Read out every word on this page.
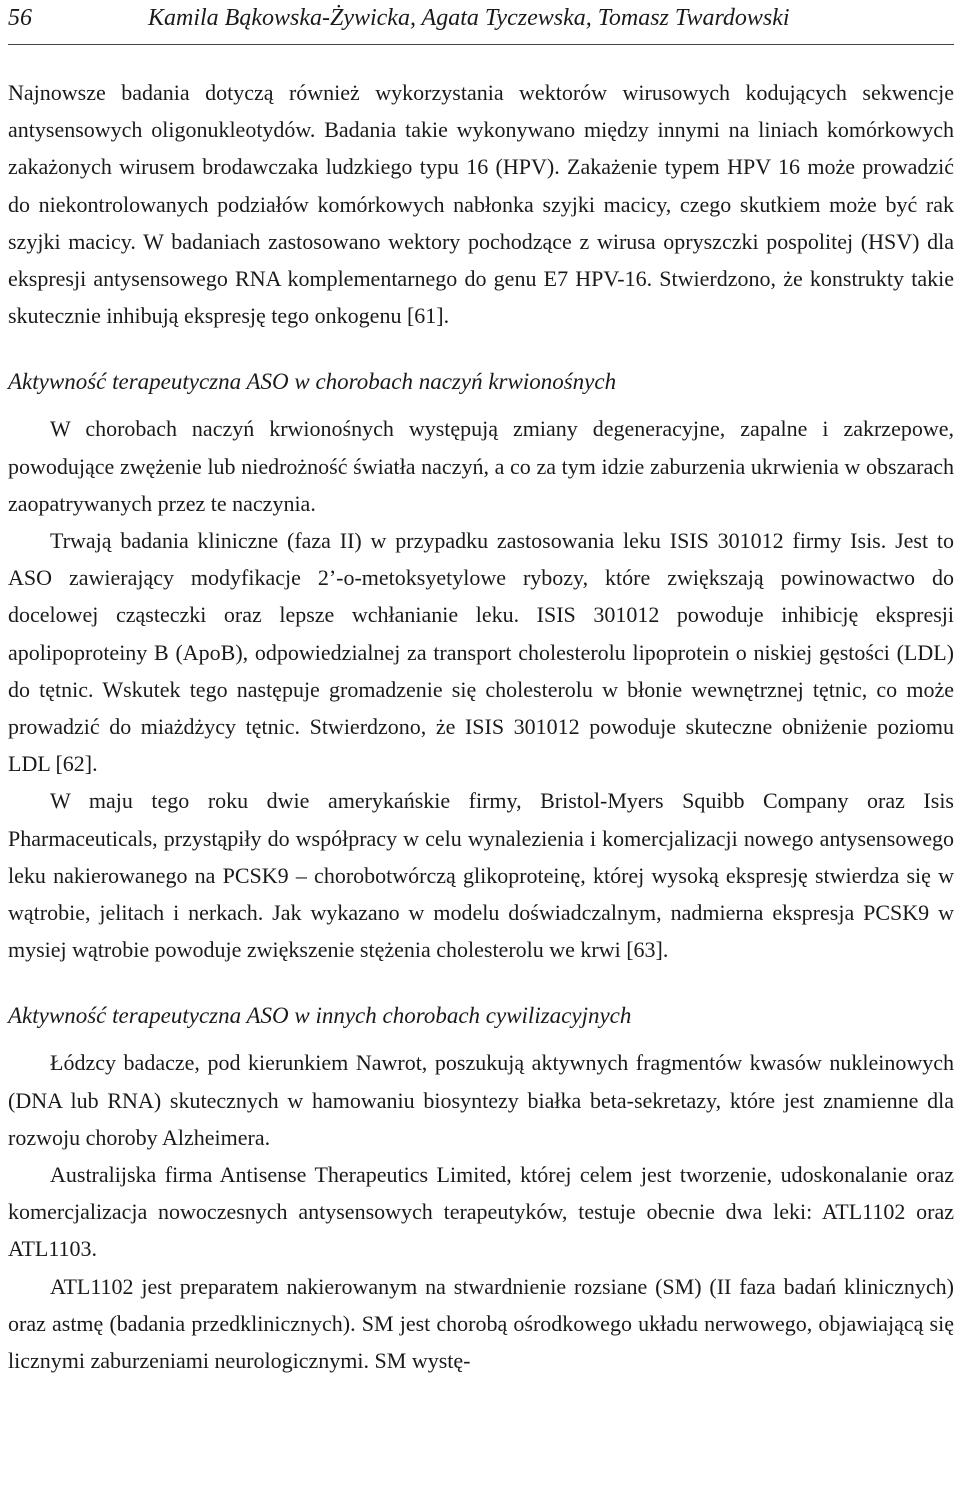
56	Kamila Bąkowska-Żywicka, Agata Tyczewska, Tomasz Twardowski

Najnowsze badania dotyczą również wykorzystania wektorów wirusowych kodujących sekwencje antysensowych oligonukleotydów. Badania takie wykonywano między innymi na liniach komórkowych zakażonych wirusem brodawczaka ludzkiego typu 16 (HPV). Zakażenie typem HPV 16 może prowadzić do niekontrolowanych podziałów komórkowych nabłonka szyjki macicy, czego skutkiem może być rak szyjki macicy. W badaniach zastosowano wektory pochodzące z wirusa opryszczki pospolitej (HSV) dla ekspresji antysensowego RNA komplementarnego do genu E7 HPV-16. Stwierdzono, że konstrukty takie skutecznie inhibują ekspresję tego onkogenu [61].

Aktywność terapeutyczna ASO w chorobach naczyń krwionośnych

W chorobach naczyń krwionośnych występują zmiany degeneracyjne, zapalne i zakrzepowe, powodujące zwężenie lub niedrożność światła naczyń, a co za tym idzie zaburzenia ukrwienia w obszarach zaopatrywanych przez te naczynia.

Trwają badania kliniczne (faza II) w przypadku zastosowania leku ISIS 301012 firmy Isis. Jest to ASO zawierający modyfikacje 2’-o-metoksyetylowe rybozy, które zwiększają powinowactwo do docelowej cząsteczki oraz lepsze wchłanianie leku. ISIS 301012 powoduje inhibicję ekspresji apolipoproteiny B (ApoB), odpowiedzialnej za transport cholesterolu lipoprotein o niskiej gęstości (LDL) do tętnic. Wskutek tego następuje gromadzenie się cholesterolu w błonie wewnętrznej tętnic, co może prowadzić do miażdżycy tętnic. Stwierdzono, że ISIS 301012 powoduje skuteczne obniżenie poziomu LDL [62].

W maju tego roku dwie amerykańskie firmy, Bristol-Myers Squibb Company oraz Isis Pharmaceuticals, przystąpiły do współpracy w celu wynalezienia i komercjalizacji nowego antysensowego leku nakierowanego na PCSK9 – chorobotwórczą glikoproteinę, której wysoką ekspresję stwierdza się w wątrobie, jelitach i nerkach. Jak wykazano w modelu doświadczalnym, nadmierna ekspresja PCSK9 w mysiej wątrobie powoduje zwiększenie stężenia cholesterolu we krwi [63].

Aktywność terapeutyczna ASO w innych chorobach cywilizacyjnych

Łódzcy badacze, pod kierunkiem Nawrot, poszukują aktywnych fragmentów kwasów nukleinowych (DNA lub RNA) skutecznych w hamowaniu biosyntezy białka beta-sekretazy, które jest znamienne dla rozwoju choroby Alzheimera.

Australijska firma Antisense Therapeutics Limited, której celem jest tworzenie, udoskonalanie oraz komercjalizacja nowoczesnych antysensowych terapeutyków, testuje obecnie dwa leki: ATL1102 oraz ATL1103.

ATL1102 jest preparatem nakierowanym na stwardnienie rozsiane (SM) (II faza badań klinicznych) oraz astmę (badania przedklinicznych). SM jest chorobą ośrodkowego układu nerwowego, objawiającą się licznymi zaburzeniami neurologicznymi. SM wystę-
